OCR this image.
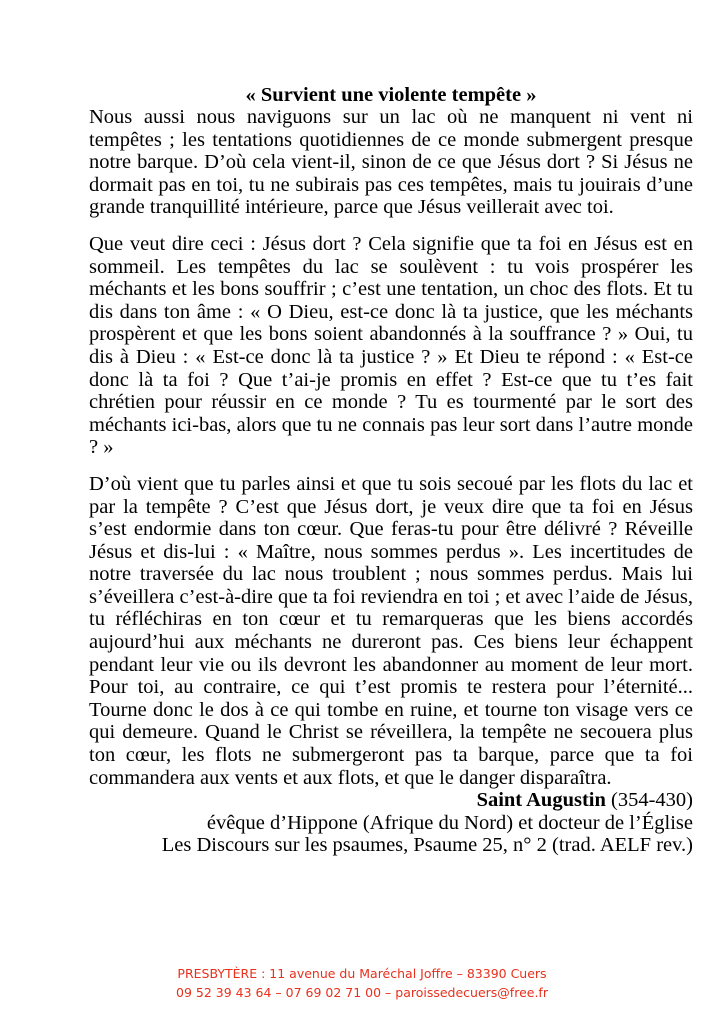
« Survient une violente tempête »

Nous aussi nous naviguons sur un lac où ne manquent ni vent ni tempêtes ; les tentations quotidiennes de ce monde submergent presque notre barque. D’où cela vient-il, sinon de ce que Jésus dort ? Si Jésus ne dormait pas en toi, tu ne subirais pas ces tempêtes, mais tu jouirais d’une grande tranquillité intérieure, parce que Jésus veillerait avec toi.

Que veut dire ceci : Jésus dort ? Cela signifie que ta foi en Jésus est en sommeil. Les tempêtes du lac se soulèvent : tu vois prospérer les méchants et les bons souffrir ; c’est une tentation, un choc des flots. Et tu dis dans ton âme : « O Dieu, est-ce donc là ta justice, que les méchants prospèrent et que les bons soient abandonnés à la souffrance ? » Oui, tu dis à Dieu : « Est-ce donc là ta justice ? » Et Dieu te répond : « Est-ce donc là ta foi ? Que t’ai-je promis en effet ? Est-ce que tu t’es fait chrétien pour réussir en ce monde ? Tu es tourmenté par le sort des méchants ici-bas, alors que tu ne connais pas leur sort dans l’autre monde ? »

D’où vient que tu parles ainsi et que tu sois secoué par les flots du lac et par la tempête ? C’est que Jésus dort, je veux dire que ta foi en Jésus s’est endormie dans ton cœur. Que feras-tu pour être délivré ? Réveille Jésus et dis-lui : « Maître, nous sommes perdus ». Les incertitudes de notre traversée du lac nous troublent ; nous sommes perdus. Mais lui s’éveillera c’est-à-dire que ta foi reviendra en toi ; et avec l’aide de Jésus, tu réfléchiras en ton cœur et tu remarqueras que les biens accordés aujourd’hui aux méchants ne dureront pas. Ces biens leur échappent pendant leur vie ou ils devront les abandonner au moment de leur mort. Pour toi, au contraire, ce qui t’est promis te restera pour l’éternité... Tourne donc le dos à ce qui tombe en ruine, et tourne ton visage vers ce qui demeure. Quand le Christ se réveillera, la tempête ne secouera plus ton cœur, les flots ne submergeront pas ta barque, parce que ta foi commandera aux vents et aux flots, et que le danger disparaîtra.

Saint Augustin (354-430)

évêque d’Hippone (Afrique du Nord) et docteur de l’Église

Les Discours sur les psaumes, Psaume 25, n° 2 (trad. AELF rev.)

PRESBYTÈRE : 11 avenue du Maréchal Joffre – 83390 Cuers
09 52 39 43 64 – 07 69 02 71 00 – paroissedecuers@free.fr
